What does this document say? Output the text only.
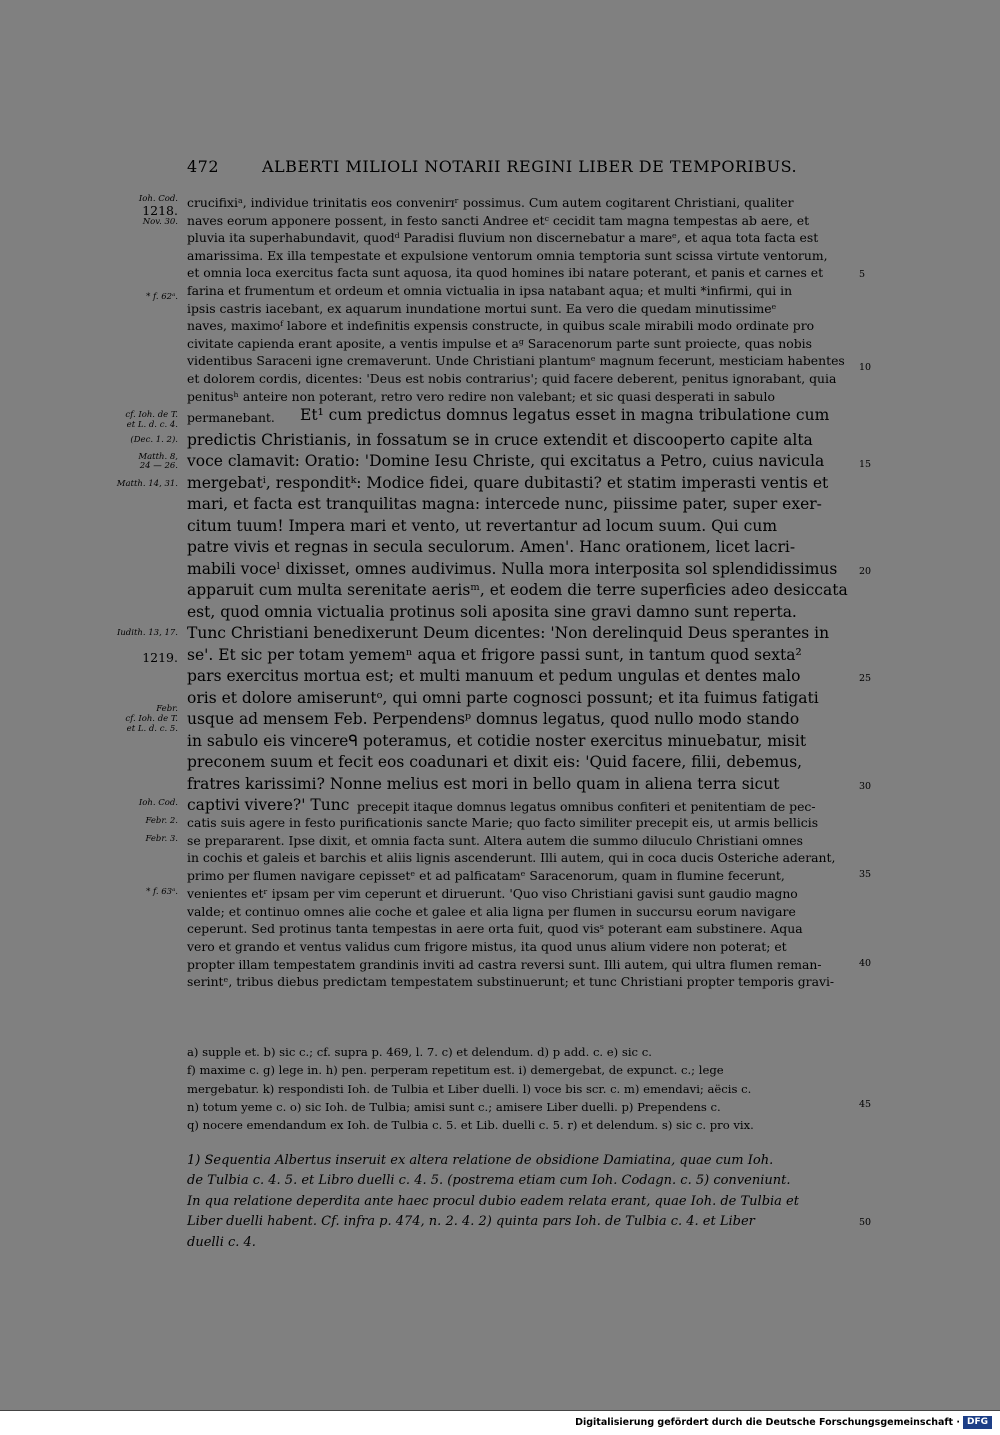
472	ALBERTI MILIOLI NOTARII REGINI LIBER DE TEMPORIBUS.
Ioh. Cod.
1218.
Nov. 30.
* f. 62ᵃ.
cf. Ioh. de T.
et L. d. c. 4.
(Dec. 1. 2).
Matth. 8,
24 — 26.
Matth. 14, 31.
Iudith. 13, 17.
1219.
Febr.
cf. Ioh. de T.
et L. d. c. 5.
Ioh. Cod.
Febr. 2.
Febr. 3.
* f. 63ᵃ.
5
10
15
20
25
30
35
40
crucifixiᵃ, individue trinitatis eos convenirɪʳ possimus. Cum autem cogitarent Christiani, qualiter
naves eorum apponere possent, in festo sancti Andree etᶜ cecidit tam magna tempestas ab aere, et
pluvia ita superhabundavit, quodᵈ Paradisi fluvium non discernebatur a mareᵉ, et aqua tota facta est
amarissima. Ex illa tempestate et expulsione ventorum omnia temptoria sunt scissa virtute ventorum,
et omnia loca exercitus facta sunt aquosa, ita quod homines ibi natare poterant, et panis et carnes et
farina et frumentum et ordeum et omnia victualia in ipsa natabant aqua; et multi *infirmi, qui in
ipsis castris iacebant, ex aquarum inundatione mortui sunt. Ea vero die quedam minutissimeᵉ
naves, maximoᶠ labore et indefinitis expensis constructe, in quibus scale mirabili modo ordinate pro
civitate capienda erant aposite, a ventis impulse et aᵍ Saracenorum parte sunt proiecte, quas nobis
videntibus Saraceni igne cremaverunt. Unde Christiani plantumᵉ magnum fecerunt, mesticiam habentes
et dolorem cordis, dicentes: 'Deus est nobis contrarius'; quid facere deberent, penitus ignorabant, quia
penitusʰ anteire non poterant, retro vero redire non valebant; et sic quasi desperati in sabulo
permanebant. Et¹ cum predictus domnus legatus esset in magna tribulatione cum
predictis Christianis, in fossatum se in cruce extendit et discooperto capite alta
voce clamavit: Oratio: 'Domine Iesu Christe, qui excitatus a Petro, cuius navicula
mergebatⁱ, responditᵏ: Modice fidei, quare dubitasti? et statim imperasti ventis et
mari, et facta est tranquilitas magna: intercede nunc, piissime pater, super exer-
citum tuum! Impera mari et vento, ut revertantur ad locum suum. Qui cum
patre vivis et regnas in secula seculorum. Amen'. Hanc orationem, licet lacri-
mabili voceˡ dixisset, omnes audivimus. Nulla mora interposita sol splendidissimus
apparuit cum multa serenitate aerisᵐ, et eodem die terre superficies adeo desiccata
est, quod omnia victualia protinus soli aposita sine gravi damno sunt reperta.
Tunc Christiani benedixerunt Deum dicentes: 'Non derelinquid Deus sperantes in
se'. Et sic per totam yememⁿ aqua et frigore passi sunt, in tantum quod sexta²
pars exercitus mortua est; et multi manuum et pedum ungulas et dentes malo
oris et dolore amiseruntᵒ, qui omni parte cognosci possunt; et ita fuimus fatigati
usque ad mensem Feb. Perpendensᵖ domnus legatus, quod nullo modo stando
in sabulo eis vincereᑫ poteramus, et cotidie noster exercitus minuebatur, misit
preconem suum et fecit eos coadunari et dixit eis: 'Quid facere, filii, debemus,
fratres karissimi? Nonne melius est mori in bello quam in aliena terra sicut
captivi vivere?' Tunc precepit itaque domnus legatus omnibus confiteri et penitentiam de pec-
catis suis agere in festo purificationis sancte Marie; quo facto similiter precepit eis, ut armis bellicis
se prepararent. Ipse dixit, et omnia facta sunt. Altera autem die summo diluculo Christiani omnes
in cochis et galeis et barchis et aliis lignis ascenderunt. Illi autem, qui in coca ducis Osteriche aderant,
primo per flumen navigare cepissetᵉ et ad palficatamᵉ Saracenorum, quam in flumine fecerunt,
venientes etʳ ipsam per vim ceperunt et diruerunt. 'Quo viso Christiani gavisi sunt gaudio magno
valde; et continuo omnes alie coche et galee et alia ligna per flumen in succursu eorum navigare
ceperunt. Sed protinus tanta tempestas in aere orta fuit, quod visˢ poterant eam substinere. Aqua
vero et grando et ventus validus cum frigore mistus, ita quod unus alium videre non poterat; et
propter illam tempestatem grandinis inviti ad castra reversi sunt. Illi autem, qui ultra flumen reman-
serintᵉ, tribus diebus predictam tempestatem substinuerunt; et tunc Christiani propter temporis gravi-
a) supple et. b) sic c.; cf. supra p. 469, l. 7. c) et delendum. d) p add. c. e) sic c.
f) maxime c. g) lege in. h) pen. perperam repetitum est. i) demergebat, de expunct. c.; lege
mergebatur. k) respondisti Ioh. de Tulbia et Liber duelli. l) voce bis scr. c. m) emendavi; aëcis c.
n) totum yeme c. o) sic Ioh. de Tulbia; amisi sunt c.; amisere Liber duelli. p) Prependens c.
q) nocere emendandum ex Ioh. de Tulbia c. 5. et Lib. duelli c. 5. r) et delendum. s) sic c. pro vix.
45
1) Sequentia Albertus inseruit ex altera relatione de obsidione Damiatina, quae cum Ioh.
de Tulbia c. 4. 5. et Libro duelli c. 4. 5. (postrema etiam cum Ioh. Codagn. c. 5) conveniunt.
In qua relatione deperdita ante haec procul dubio eadem relata erant, quae Ioh. de Tulbia et
Liber duelli habent. Cf. infra p. 474, n. 2. 4. 2) quinta pars Ioh. de Tulbia c. 4. et Liber
duelli c. 4.
50
Digitalisierung gefördert durch die Deutsche Forschungsgemeinschaft · DFG
